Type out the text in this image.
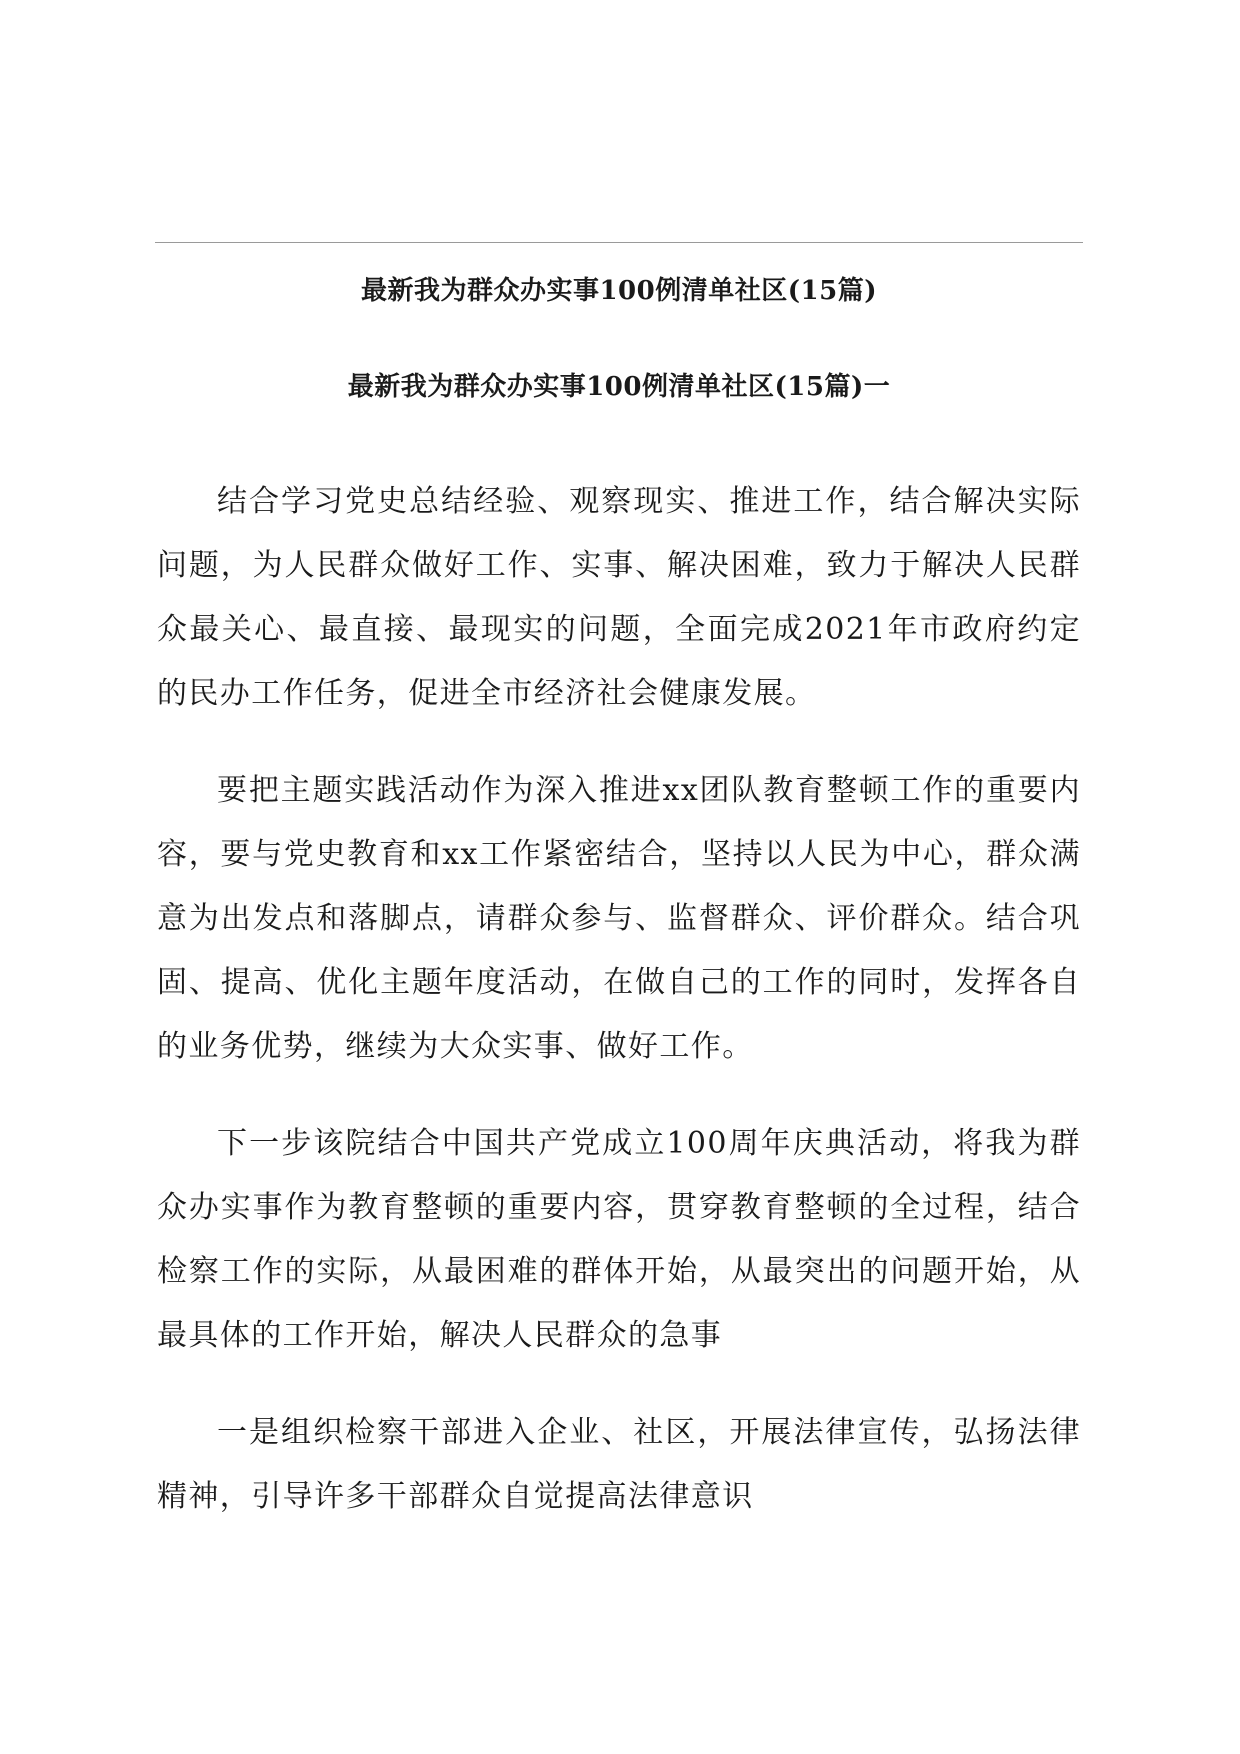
最新我为群众办实事100例清单社区(15篇)
最新我为群众办实事100例清单社区(15篇)一

结合学习党史总结经验、观察现实、推进工作，结合解决实际问题，为人民群众做好工作、实事、解决困难，致力于解决人民群众最关心、最直接、最现实的问题，全面完成2021年市政府约定的民办工作任务，促进全市经济社会健康发展。

要把主题实践活动作为深入推进xx团队教育整顿工作的重要内容，要与党史教育和xx工作紧密结合，坚持以人民为中心，群众满意为出发点和落脚点，请群众参与、监督群众、评价群众。结合巩固、提高、优化主题年度活动，在做自己的工作的同时，发挥各自的业务优势，继续为大众实事、做好工作。

下一步该院结合中国共产党成立100周年庆典活动，将我为群众办实事作为教育整顿的重要内容，贯穿教育整顿的全过程，结合检察工作的实际，从最困难的群体开始，从最突出的问题开始，从最具体的工作开始，解决人民群众的急事

一是组织检察干部进入企业、社区，开展法律宣传，弘扬法律精神，引导许多干部群众自觉提高法律意识
